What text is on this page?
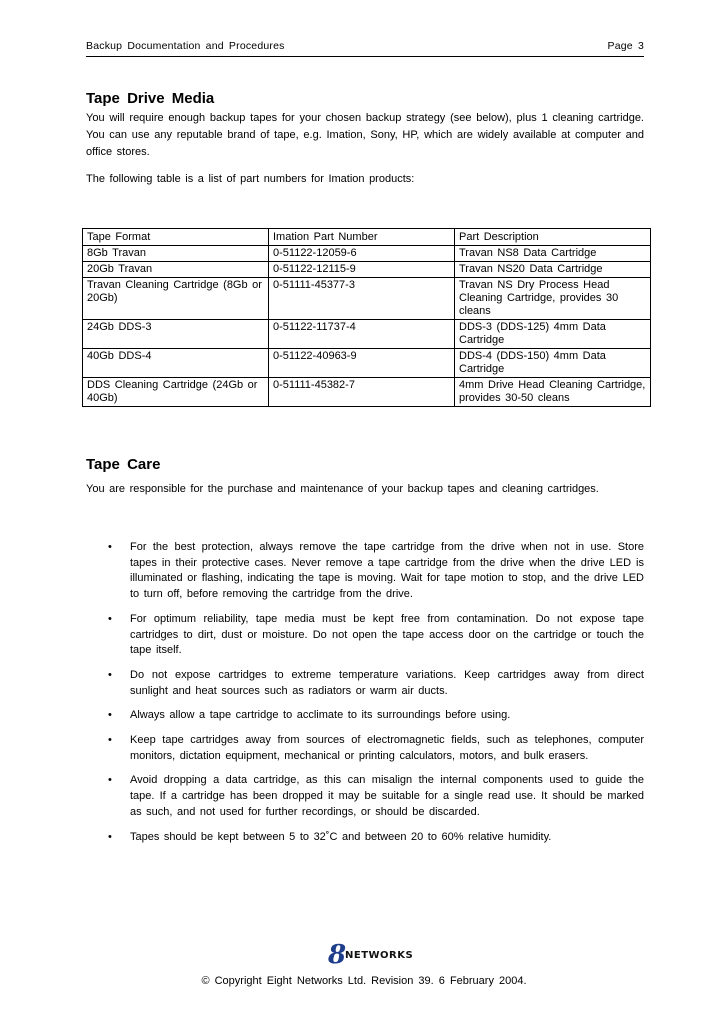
Backup Documentation and Procedures	Page 3
Tape Drive Media

You will require enough backup tapes for your chosen backup strategy (see below), plus 1 cleaning cartridge. You can use any reputable brand of tape, e.g. Imation, Sony, HP, which are widely available at computer and office stores.

The following table is a list of part numbers for Imation products:

Tape Format	Imation Part Number	Part Description
8Gb Travan	0-51122-12059-6	Travan NS8 Data Cartridge
20Gb Travan	0-51122-12115-9	Travan NS20 Data Cartridge
Travan Cleaning Cartridge (8Gb or 20Gb)	0-51111-45377-3	Travan NS Dry Process Head Cleaning Cartridge, provides 30 cleans
24Gb DDS-3	0-51122-11737-4	DDS-3 (DDS-125) 4mm Data Cartridge
40Gb DDS-4	0-51122-40963-9	DDS-4 (DDS-150) 4mm Data Cartridge
DDS Cleaning Cartridge (24Gb or 40Gb)	0-51111-45382-7	4mm Drive Head Cleaning Cartridge, provides 30-50 cleans
Tape Care

You are responsible for the purchase and maintenance of your backup tapes and cleaning cartridges.

• For the best protection, always remove the tape cartridge from the drive when not in use. Store tapes in their protective cases. Never remove a tape cartridge from the drive when the drive LED is illuminated or flashing, indicating the tape is moving. Wait for tape motion to stop, and the drive LED to turn off, before removing the cartridge from the drive.
• For optimum reliability, tape media must be kept free from contamination. Do not expose tape cartridges to dirt, dust or moisture. Do not open the tape access door on the cartridge or touch the tape itself.
• Do not expose cartridges to extreme temperature variations. Keep cartridges away from direct sunlight and heat sources such as radiators or warm air ducts.
• Always allow a tape cartridge to acclimate to its surroundings before using.
• Keep tape cartridges away from sources of electromagnetic fields, such as telephones, computer monitors, dictation equipment, mechanical or printing calculators, motors, and bulk erasers.
• Avoid dropping a data cartridge, as this can misalign the internal components used to guide the tape. If a cartridge has been dropped it may be suitable for a single read use. It should be marked as such, and not used for further recordings, or should be discarded.
• Tapes should be kept between 5 to 32˚C and between 20 to 60% relative humidity.
8
NETWORKS
© Copyright Eight Networks Ltd. Revision 39. 6 February 2004.
